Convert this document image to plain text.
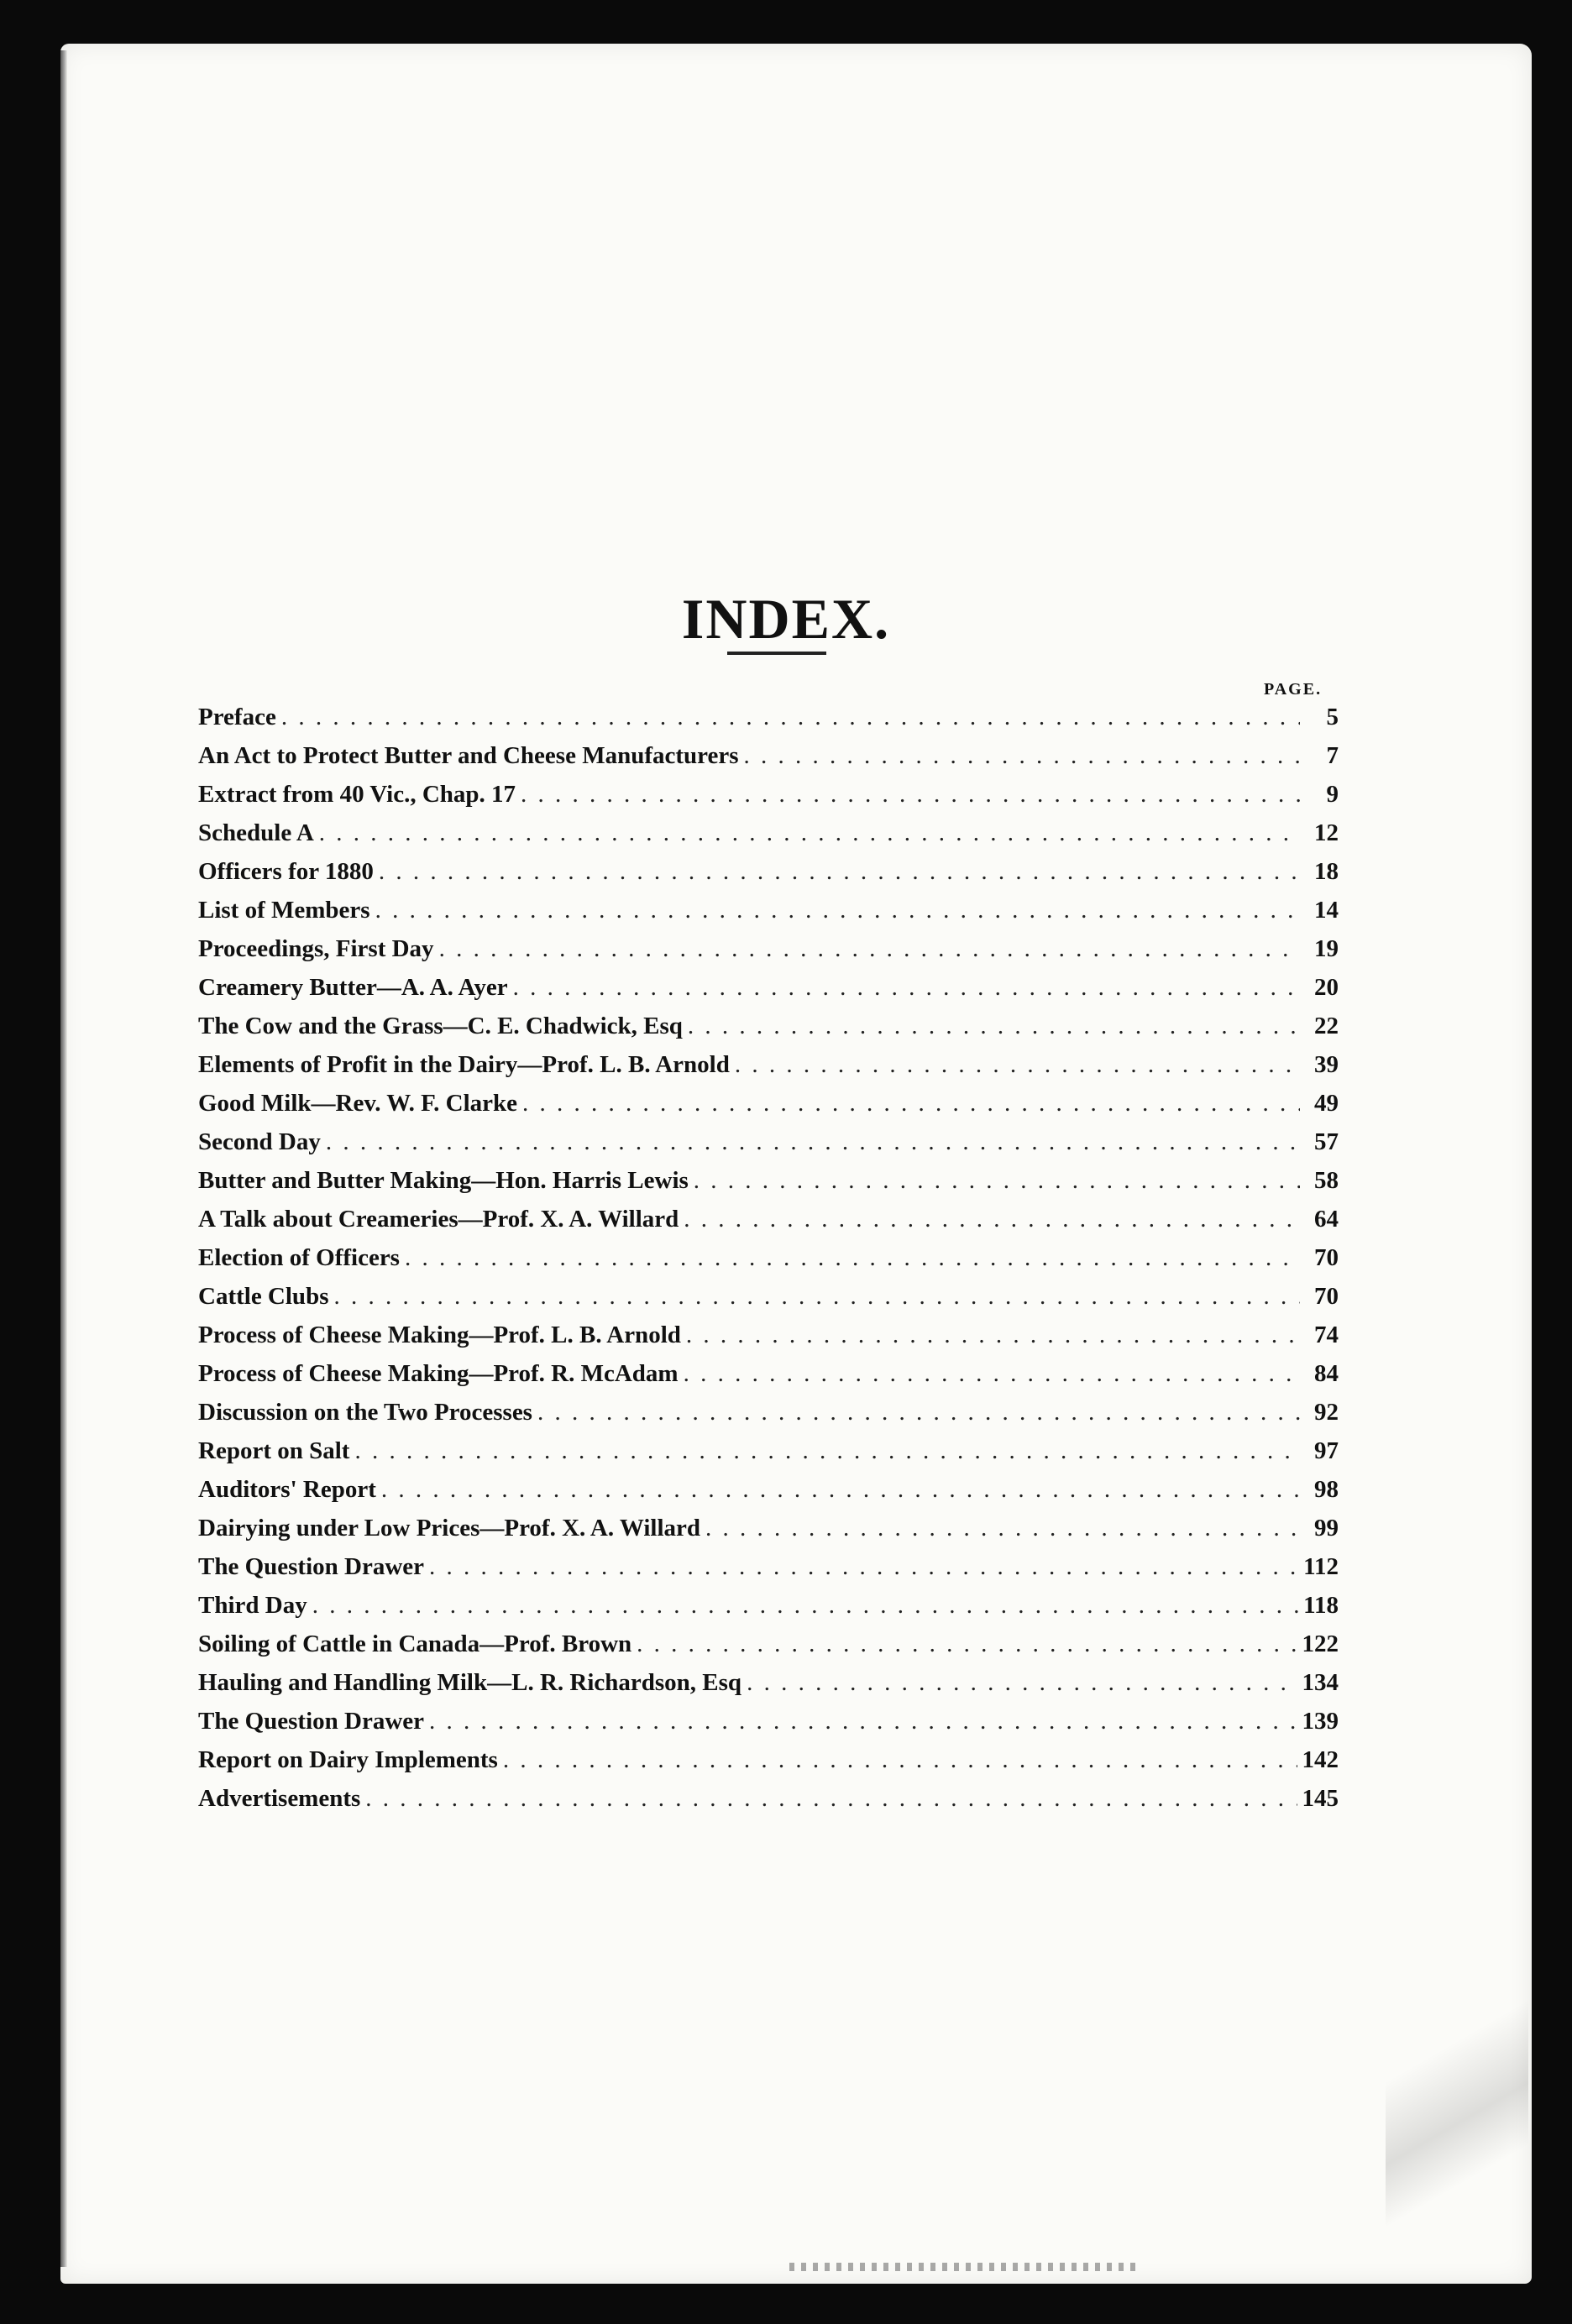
INDEX.
PAGE.
Preface . . .	5
An Act to Protect Butter and Cheese Manufacturers . . .	7
Extract from 40 Vic., Chap. 17 . . .	9
Schedule A . . .	12
Officers for 1880 . . .	18
List of Members . . .	14
Proceedings, First Day . . .	19
Creamery Butter—A. A. Ayer . . .	20
The Cow and the Grass—C. E. Chadwick, Esq . . .	22
Elements of Profit in the Dairy—Prof. L. B. Arnold . . .	39
Good Milk—Rev. W. F. Clarke . . .	49
Second Day . . .	57
Butter and Butter Making—Hon. Harris Lewis . . .	58
A Talk about Creameries—Prof. X. A. Willard . . .	64
Election of Officers . . .	70
Cattle Clubs . . .	70
Process of Cheese Making—Prof. L. B. Arnold . . .	74
Process of Cheese Making—Prof. R. McAdam . . .	84
Discussion on the Two Processes . . .	92
Report on Salt . . .	97
Auditors' Report . . .	98
Dairying under Low Prices—Prof. X. A. Willard . . .	99
The Question Drawer . . .	112
Third Day . . .	118
Soiling of Cattle in Canada—Prof. Brown . . .	122
Hauling and Handling Milk—L. R. Richardson, Esq . . .	134
The Question Drawer . . .	139
Report on Dairy Implements . . .	142
Advertisements . . .	145
